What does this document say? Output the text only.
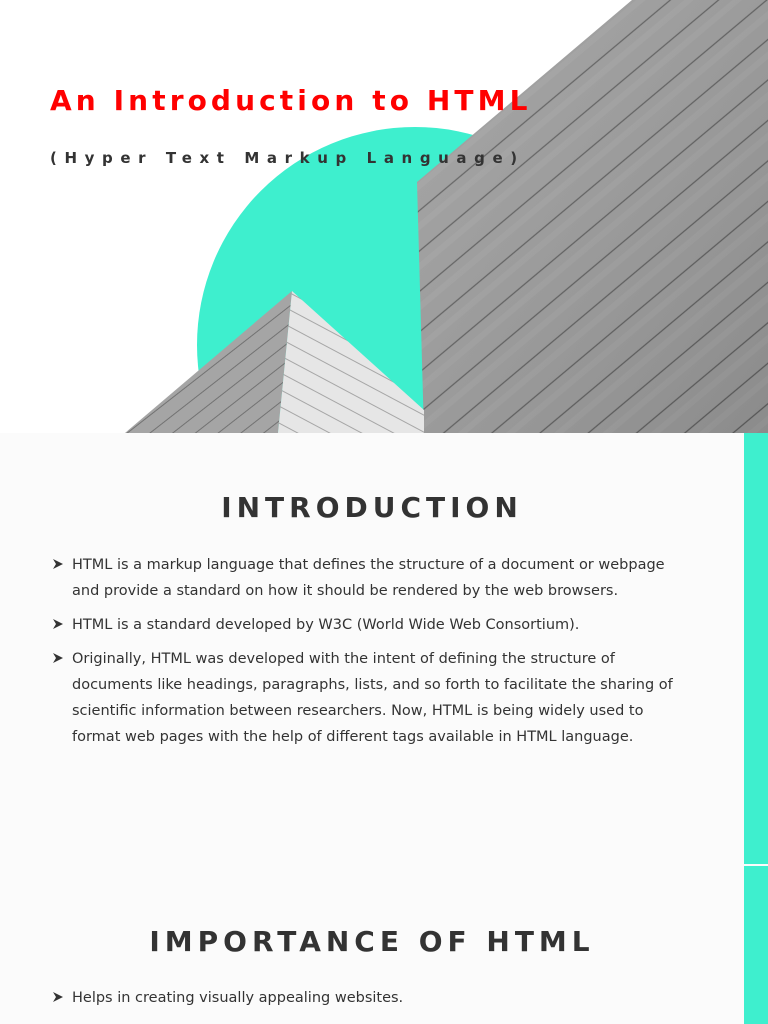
An Introduction to HTML

(Hyper Text Markup Language)

INTRODUCTION
HTML is a markup language that defines the structure of a document or webpage and provide a standard on how it should be rendered by the web browsers.
HTML is a standard developed by W3C (World Wide Web Consortium).
Originally, HTML was developed with the intent of defining the structure of documents like headings, paragraphs, lists, and so forth to facilitate the sharing of scientific information between researchers. Now, HTML is being widely used to format web pages with the help of different tags available in HTML language.
IMPORTANCE OF HTML
Helps in creating visually appealing websites.
